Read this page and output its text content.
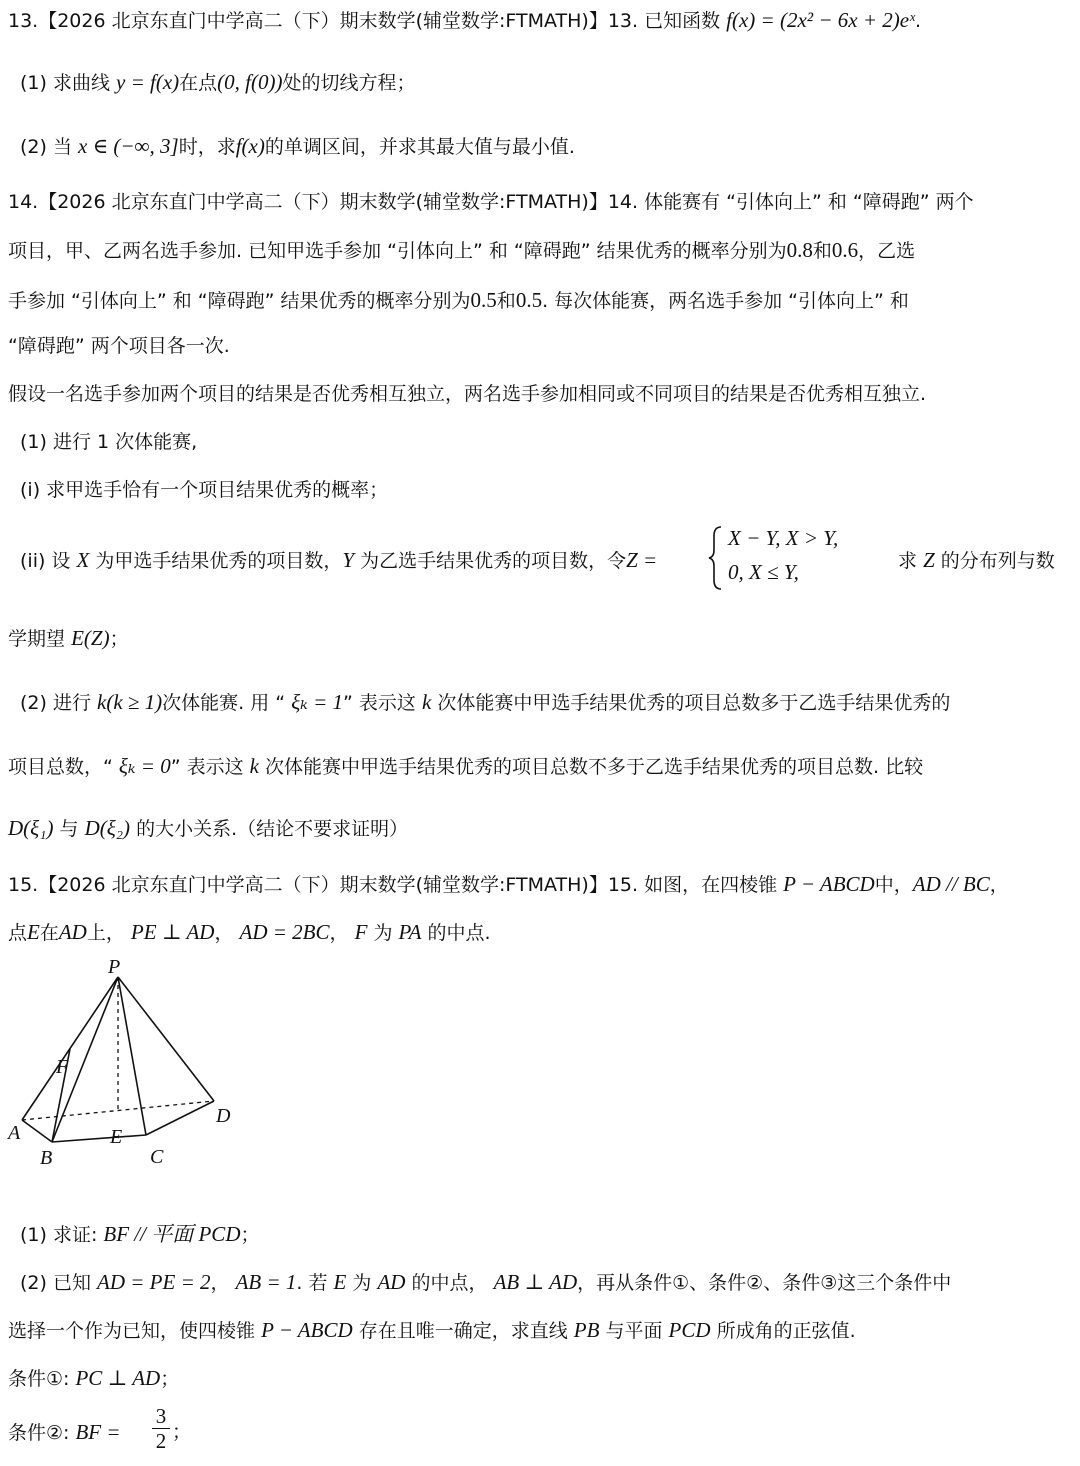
13.【2026 北京东直门中学高二（下）期末数学(辅堂数学:FTMATH)】13. 已知函数 f(x) = (2x² − 6x + 2)eˣ.
(1) 求曲线 y = f(x)在点(0, f(0))处的切线方程；
(2) 当 x ∈ (−∞, 3]时，求f(x)的单调区间，并求其最大值与最小值.
14.【2026 北京东直门中学高二（下）期末数学(辅堂数学:FTMATH)】14. 体能赛有 “引体向上” 和 “障碍跑” 两个
项目，甲、乙两名选手参加. 已知甲选手参加 “引体向上” 和 “障碍跑” 结果优秀的概率分别为0.8和0.6，乙选
手参加 “引体向上” 和 “障碍跑” 结果优秀的概率分别为0.5和0.5. 每次体能赛，两名选手参加 “引体向上” 和
“障碍跑” 两个项目各一次.
假设一名选手参加两个项目的结果是否优秀相互独立，两名选手参加相同或不同项目的结果是否优秀相互独立.
(1) 进行 1 次体能赛,
(i) 求甲选手恰有一个项目结果优秀的概率；
(ii) 设 X 为甲选手结果优秀的项目数，Y 为乙选手结果优秀的项目数，令Z =
X − Y, X > Y,
0, X ≤ Y,	求 Z 的分布列与数
学期望 E(Z)；
(2) 进行 k(k ≥ 1)次体能赛. 用 “ ξₖ = 1” 表示这 k 次体能赛中甲选手结果优秀的项目总数多于乙选手结果优秀的
项目总数，“ ξₖ = 0” 表示这 k 次体能赛中甲选手结果优秀的项目总数不多于乙选手结果优秀的项目总数. 比较
D(ξ₁) 与 D(ξ₂) 的大小关系.（结论不要求证明）
15.【2026 北京东直门中学高二（下）期末数学(辅堂数学:FTMATH)】15. 如图，在四棱锥 P − ABCD中，AD // BC，
点E在AD上， PE ⊥ AD， AD = 2BC， F 为 PA 的中点.
P
F
A	E
D
B	C
(1) 求证: BF // 平面 PCD；
(2) 已知 AD = PE = 2， AB = 1. 若 E 为 AD 的中点， AB ⊥ AD，再从条件①、条件②、条件③这三个条件中
选择一个作为已知，使四棱锥 P − ABCD 存在且唯一确定，求直线 PB 与平面 PCD 所成角的正弦值.
条件①: PC ⊥ AD；
条件②: BF =
3
2 ；
